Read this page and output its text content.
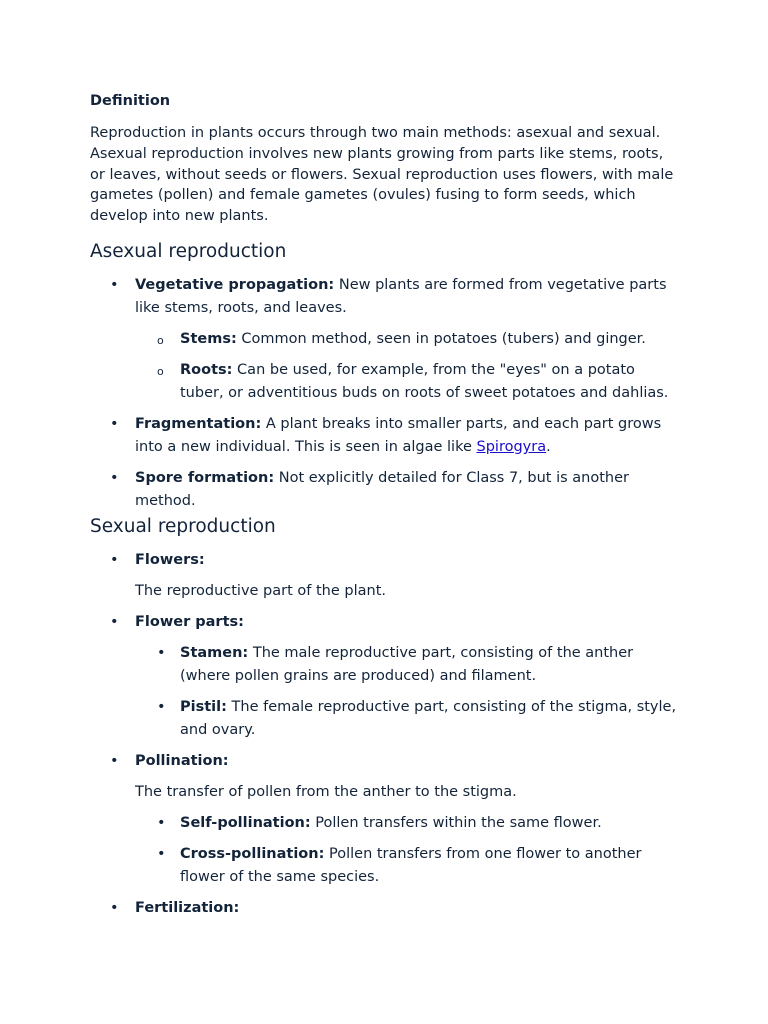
Definition

Reproduction in plants occurs through two main methods: asexual and sexual. Asexual reproduction involves new plants growing from parts like stems, roots, or leaves, without seeds or flowers. Sexual reproduction uses flowers, with male gametes (pollen) and female gametes (ovules) fusing to form seeds, which develop into new plants.

Asexual reproduction
• Vegetative propagation: New plants are formed from vegetative parts like stems, roots, and leaves.
o Stems: Common method, seen in potatoes (tubers) and ginger.
o Roots: Can be used, for example, from the "eyes" on a potato tuber, or adventitious buds on roots of sweet potatoes and dahlias.
• Fragmentation: A plant breaks into smaller parts, and each part grows into a new individual. This is seen in algae like Spirogyra.
• Spore formation: Not explicitly detailed for Class 7, but is another method.
Sexual reproduction
• Flowers:
The reproductive part of the plant.
• Flower parts:
• Stamen: The male reproductive part, consisting of the anther (where pollen grains are produced) and filament.
• Pistil: The female reproductive part, consisting of the stigma, style, and ovary.
• Pollination:
The transfer of pollen from the anther to the stigma.
• Self-pollination: Pollen transfers within the same flower.
• Cross-pollination: Pollen transfers from one flower to another flower of the same species.
• Fertilization:
